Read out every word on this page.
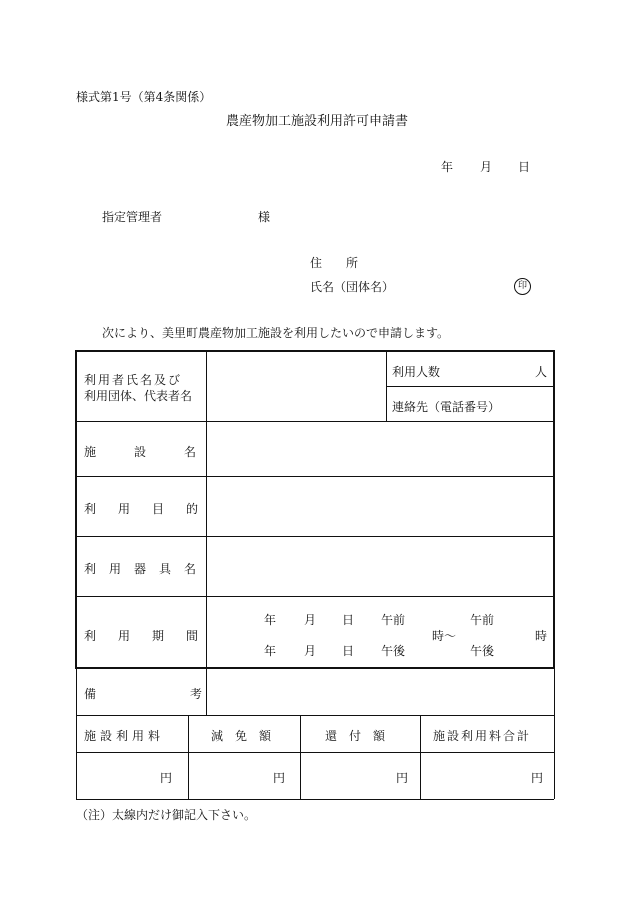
様式第1号（第4条関係）
農産物加工施設利用許可申請書
年 月 日
指定管理者	様
住　　所
氏名（団体名）	印
次により、美里町農産物加工施設を利用したいので申請します。
利用者氏名及び
利用団体、代表者名
利用人数	人
連絡先（電話番号）
施設名
利用目的
利用器具名
利用期間
年 月 日 午前	午前
時～	時
年 月 日 午後	午後
備考
施設利用料	減免額	還付額	施設利用料合計
円	円	円	円
（注）太線内だけ御記入下さい。
